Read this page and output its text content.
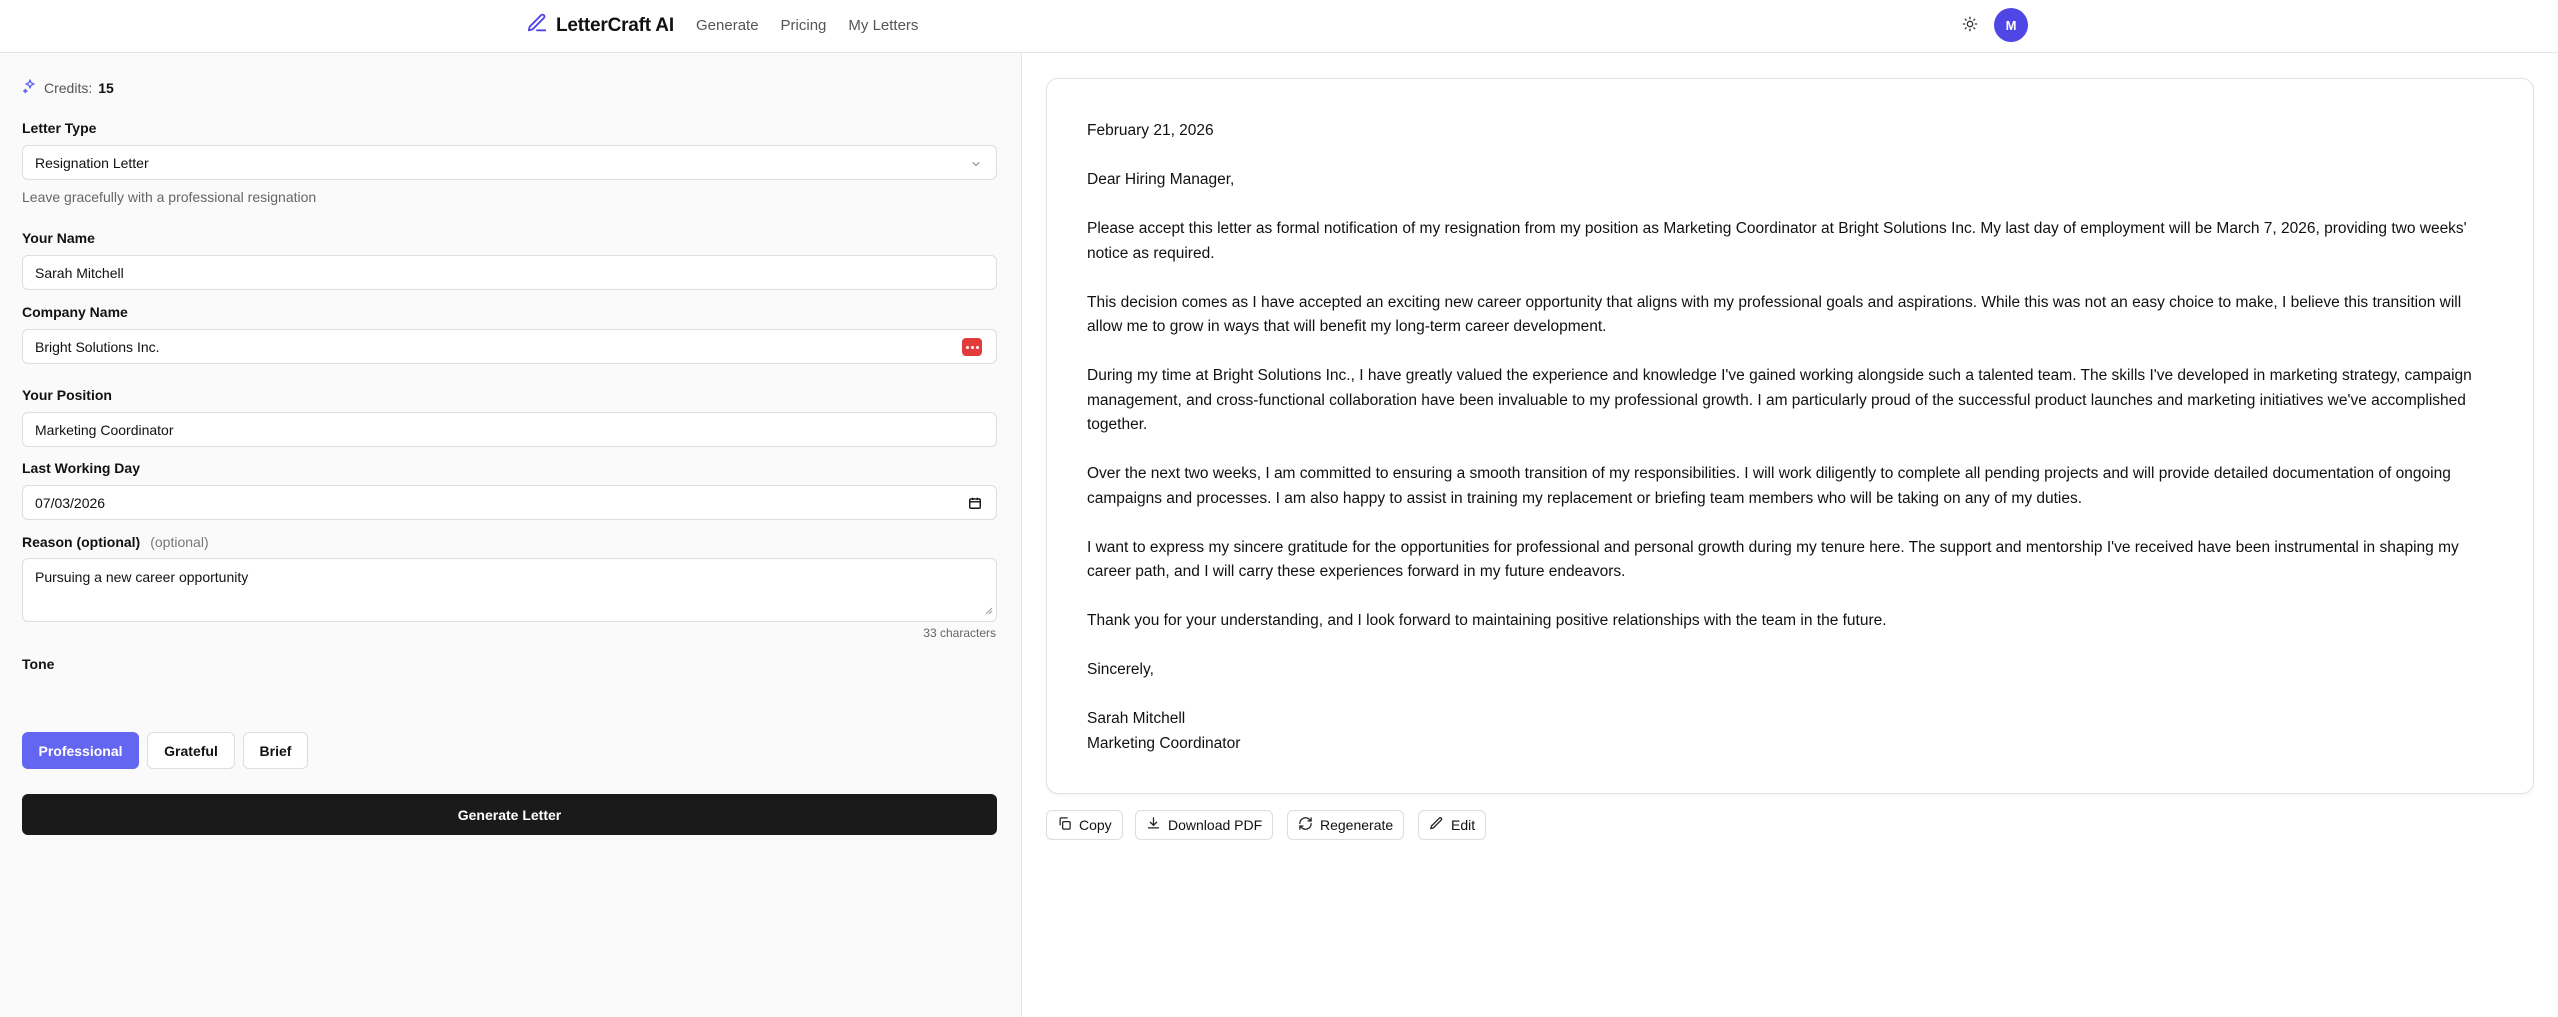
LetterCraft AI Generate Pricing My Letters	M
Credits: 15
Letter Type
Resignation Letter
Leave gracefully with a professional resignation
Your Name
Sarah Mitchell
Company Name
Bright Solutions Inc.
Your Position
Marketing Coordinator
Last Working Day
07/03/2026
Reason (optional) (optional)
Pursuing a new career opportunity
33 characters
Tone
Professional	Grateful	Brief
Generate Letter

February 21, 2026

Dear Hiring Manager,

Please accept this letter as formal notification of my resignation from my position as Marketing Coordinator at Bright Solutions Inc. My last day of employment will be March 7, 2026, providing two weeks' notice as required.

This decision comes as I have accepted an exciting new career opportunity that aligns with my professional goals and aspirations. While this was not an easy choice to make, I believe this transition will allow me to grow in ways that will benefit my long-term career development.

During my time at Bright Solutions Inc., I have greatly valued the experience and knowledge I've gained working alongside such a talented team. The skills I've developed in marketing strategy, campaign management, and cross-functional collaboration have been invaluable to my professional growth. I am particularly proud of the successful product launches and marketing initiatives we've accomplished together.

Over the next two weeks, I am committed to ensuring a smooth transition of my responsibilities. I will work diligently to complete all pending projects and will provide detailed documentation of ongoing campaigns and processes. I am also happy to assist in training my replacement or briefing team members who will be taking on any of my duties.

I want to express my sincere gratitude for the opportunities for professional and personal growth during my tenure here. The support and mentorship I've received have been instrumental in shaping my career path, and I will carry these experiences forward in my future endeavors.

Thank you for your understanding, and I look forward to maintaining positive relationships with the team in the future.

Sincerely,

Sarah Mitchell
Marketing Coordinator

Copy	Download PDF	Regenerate	Edit
